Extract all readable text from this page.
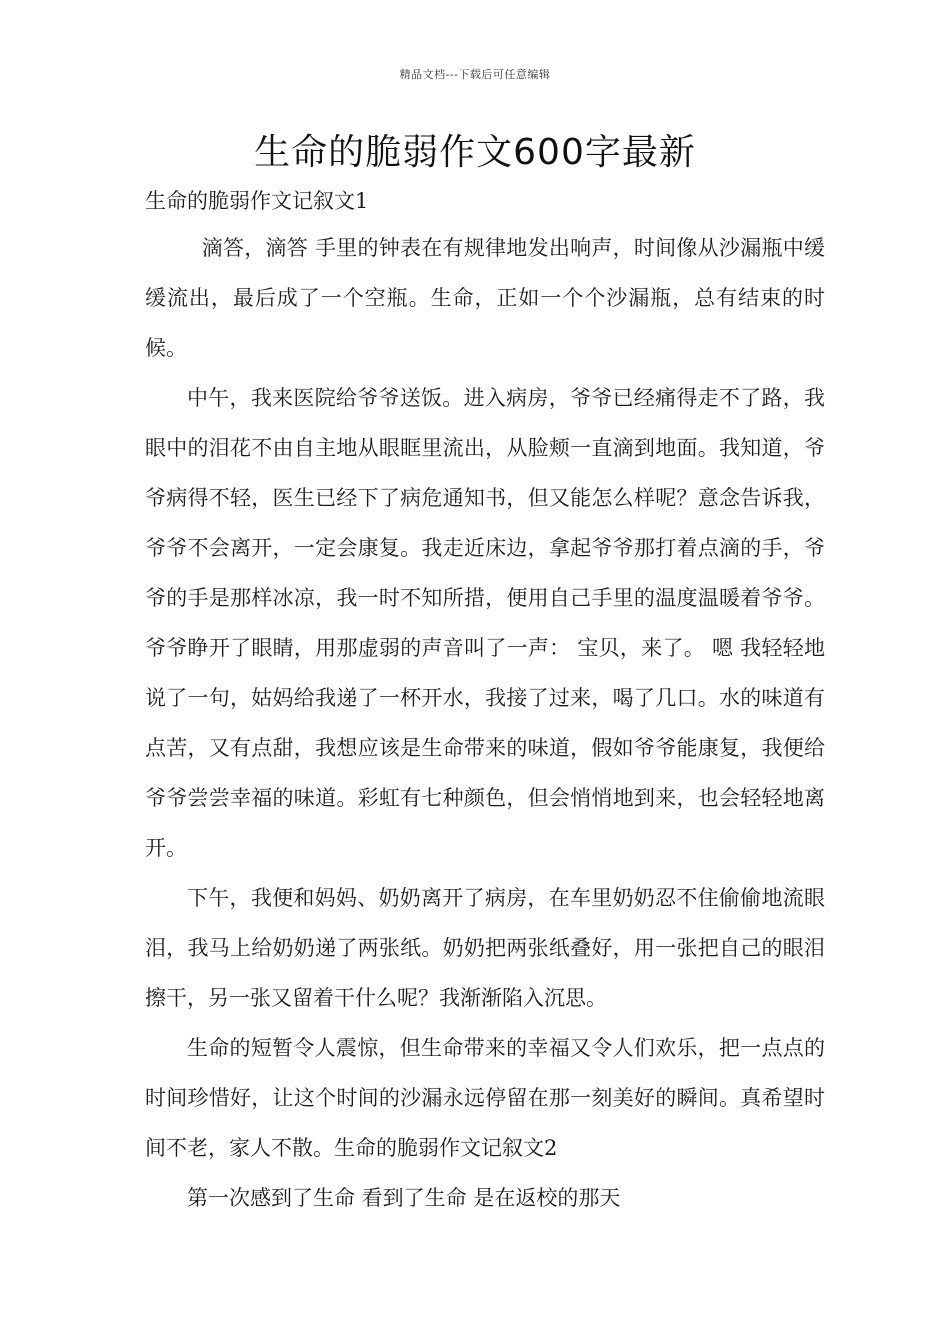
精品文档---下载后可任意编辑
生命的脆弱作文600字最新
生命的脆弱作文记叙文1

滴答，滴答 手里的钟表在有规律地发出响声，时间像从沙漏瓶中缓缓流出，最后成了一个空瓶。生命，正如一个个沙漏瓶，总有结束的时候。

中午，我来医院给爷爷送饭。进入病房，爷爷已经痛得走不了路，我眼中的泪花不由自主地从眼眶里流出，从脸颊一直滴到地面。我知道，爷爷病得不轻，医生已经下了病危通知书，但又能怎么样呢？意念告诉我，爷爷不会离开，一定会康复。我走近床边，拿起爷爷那打着点滴的手，爷爷的手是那样冰凉，我一时不知所措，便用自己手里的温度温暖着爷爷。爷爷睁开了眼睛，用那虚弱的声音叫了一声： 宝贝，来了。 嗯 我轻轻地说了一句，姑妈给我递了一杯开水，我接了过来，喝了几口。水的味道有点苦，又有点甜，我想应该是生命带来的味道，假如爷爷能康复，我便给爷爷尝尝幸福的味道。彩虹有七种颜色，但会悄悄地到来，也会轻轻地离开。

下午，我便和妈妈、奶奶离开了病房，在车里奶奶忍不住偷偷地流眼泪，我马上给奶奶递了两张纸。奶奶把两张纸叠好，用一张把自己的眼泪擦干，另一张又留着干什么呢？我渐渐陷入沉思。

生命的短暂令人震惊，但生命带来的幸福又令人们欢乐，把一点点的时间珍惜好，让这个时间的沙漏永远停留在那一刻美好的瞬间。真希望时间不老，家人不散。生命的脆弱作文记叙文2

第一次感到了生命 看到了生命 是在返校的那天
